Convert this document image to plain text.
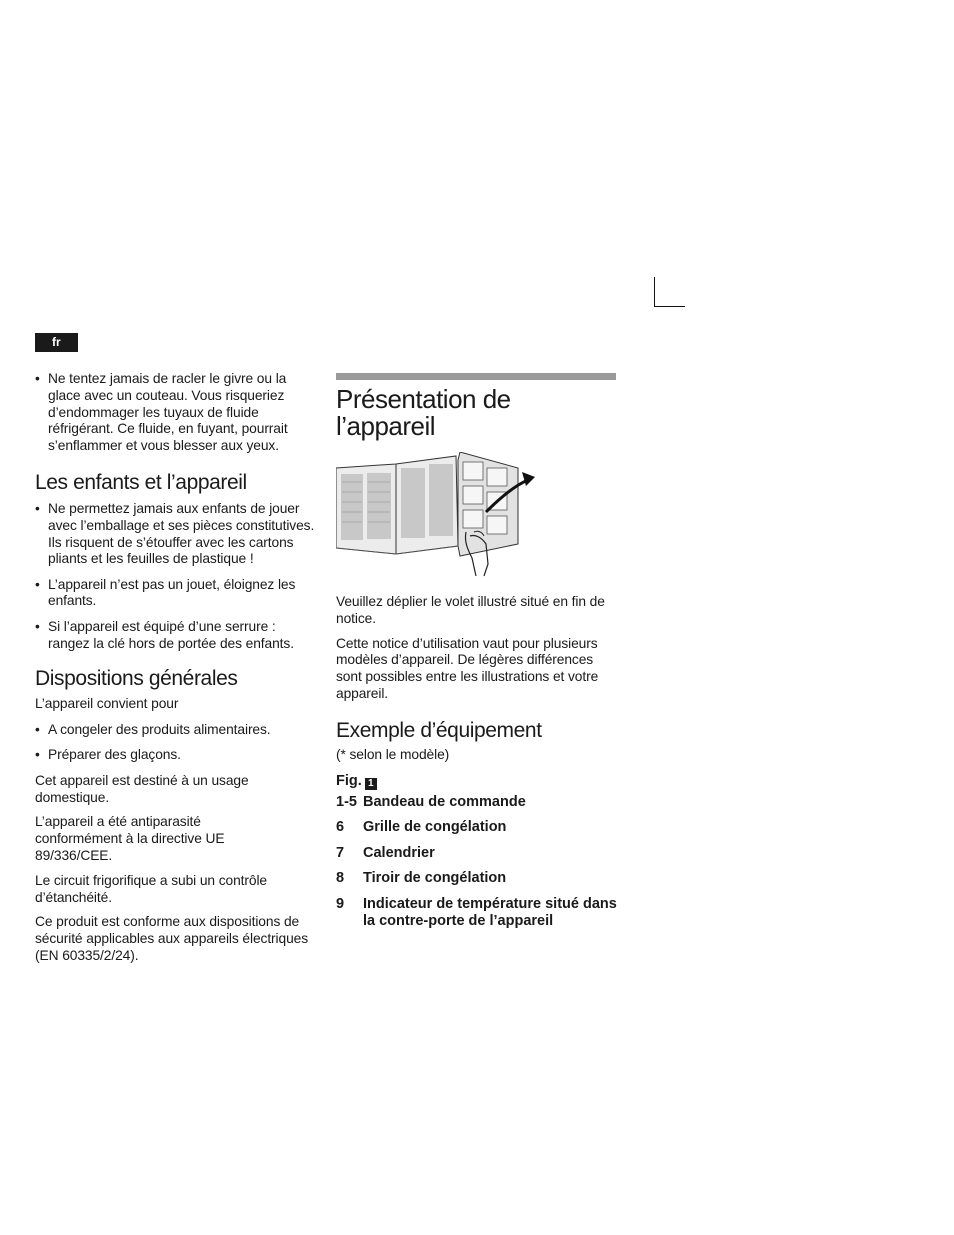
fr
• Ne tentez jamais de racler le givre ou la glace avec un couteau. Vous risqueriez d’endommager les tuyaux de fluide réfrigérant. Ce fluide, en fuyant, pourrait s’enflammer et vous blesser aux yeux.
Les enfants et l’appareil
• Ne permettez jamais aux enfants de jouer avec l’emballage et ses pièces constitutives. Ils risquent de s’étouffer avec les cartons pliants et les feuilles de plastique !
• L’appareil n’est pas un jouet, éloignez les enfants.
• Si l’appareil est équipé d’une serrure : rangez la clé hors de portée des enfants.
Dispositions générales

L’appareil convient pour

• A congeler des produits alimentaires.
• Préparer des glaçons.

Cet appareil est destiné à un usage domestique.

L’appareil a été antiparasité conformément à la directive UE 89/336/CEE.

Le circuit frigorifique a subi un contrôle d’étanchéité.

Ce produit est conforme aux dispositions de sécurité applicables aux appareils électriques (EN 60335/2/24).

Présentation de l’appareil

Veuillez déplier le volet illustré situé en fin de notice.

Cette notice d’utilisation vaut pour plusieurs modèles d’appareil. De légères différences sont possibles entre les illustrations et votre appareil.

Exemple d’équipement

(* selon le modèle)

Fig. 1

1-5 Bandeau de commande
6	Grille de congélation
7	Calendrier
8	Tiroir de congélation
9	Indicateur de température situé dans la contre-porte de l’appareil
